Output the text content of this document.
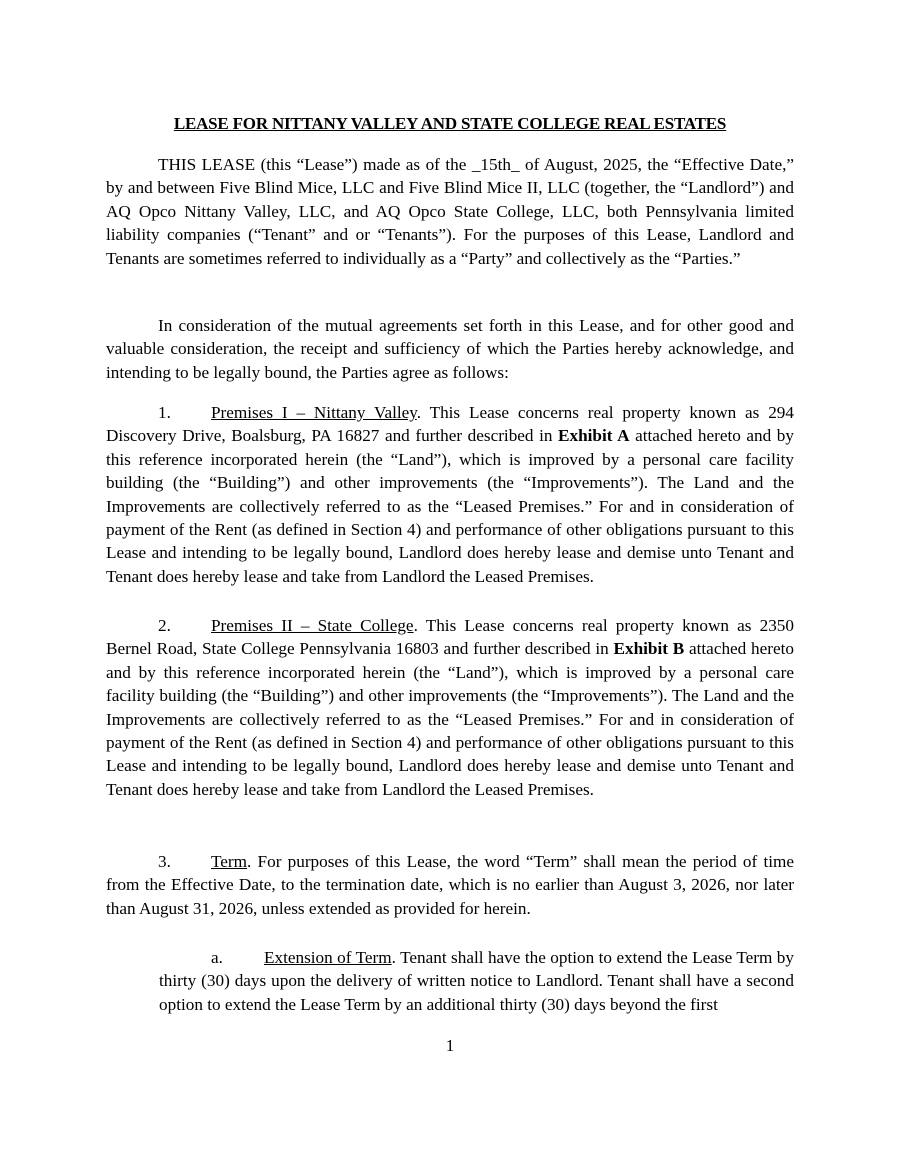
LEASE FOR NITTANY VALLEY AND STATE COLLEGE REAL ESTATES

THIS LEASE (this “Lease”) made as of the _15th_ of August, 2025, the “Effective Date,” by and between Five Blind Mice, LLC and Five Blind Mice II, LLC (together, the “Landlord”) and AQ Opco Nittany Valley, LLC, and AQ Opco State College, LLC, both Pennsylvania limited liability companies (“Tenant” and or “Tenants”). For the purposes of this Lease, Landlord and Tenants are sometimes referred to individually as a “Party” and collectively as the “Parties.”

In consideration of the mutual agreements set forth in this Lease, and for other good and valuable consideration, the receipt and sufficiency of which the Parties hereby acknowledge, and intending to be legally bound, the Parties agree as follows:

1. Premises I – Nittany Valley. This Lease concerns real property known as 294 Discovery Drive, Boalsburg, PA 16827 and further described in Exhibit A attached hereto and by this reference incorporated herein (the “Land”), which is improved by a personal care facility building (the “Building”) and other improvements (the “Improvements”). The Land and the Improvements are collectively referred to as the “Leased Premises.” For and in consideration of payment of the Rent (as defined in Section 4) and performance of other obligations pursuant to this Lease and intending to be legally bound, Landlord does hereby lease and demise unto Tenant and Tenant does hereby lease and take from Landlord the Leased Premises.

2. Premises II – State College. This Lease concerns real property known as 2350 Bernel Road, State College Pennsylvania 16803 and further described in Exhibit B attached hereto and by this reference incorporated herein (the “Land”), which is improved by a personal care facility building (the “Building”) and other improvements (the “Improvements”). The Land and the Improvements are collectively referred to as the “Leased Premises.” For and in consideration of payment of the Rent (as defined in Section 4) and performance of other obligations pursuant to this Lease and intending to be legally bound, Landlord does hereby lease and demise unto Tenant and Tenant does hereby lease and take from Landlord the Leased Premises.

3. Term. For purposes of this Lease, the word “Term” shall mean the period of time from the Effective Date, to the termination date, which is no earlier than August 3, 2026, nor later than August 31, 2026, unless extended as provided for herein.

a. Extension of Term. Tenant shall have the option to extend the Lease Term by thirty (30) days upon the delivery of written notice to Landlord. Tenant shall have a second option to extend the Lease Term by an additional thirty (30) days beyond the first

1
